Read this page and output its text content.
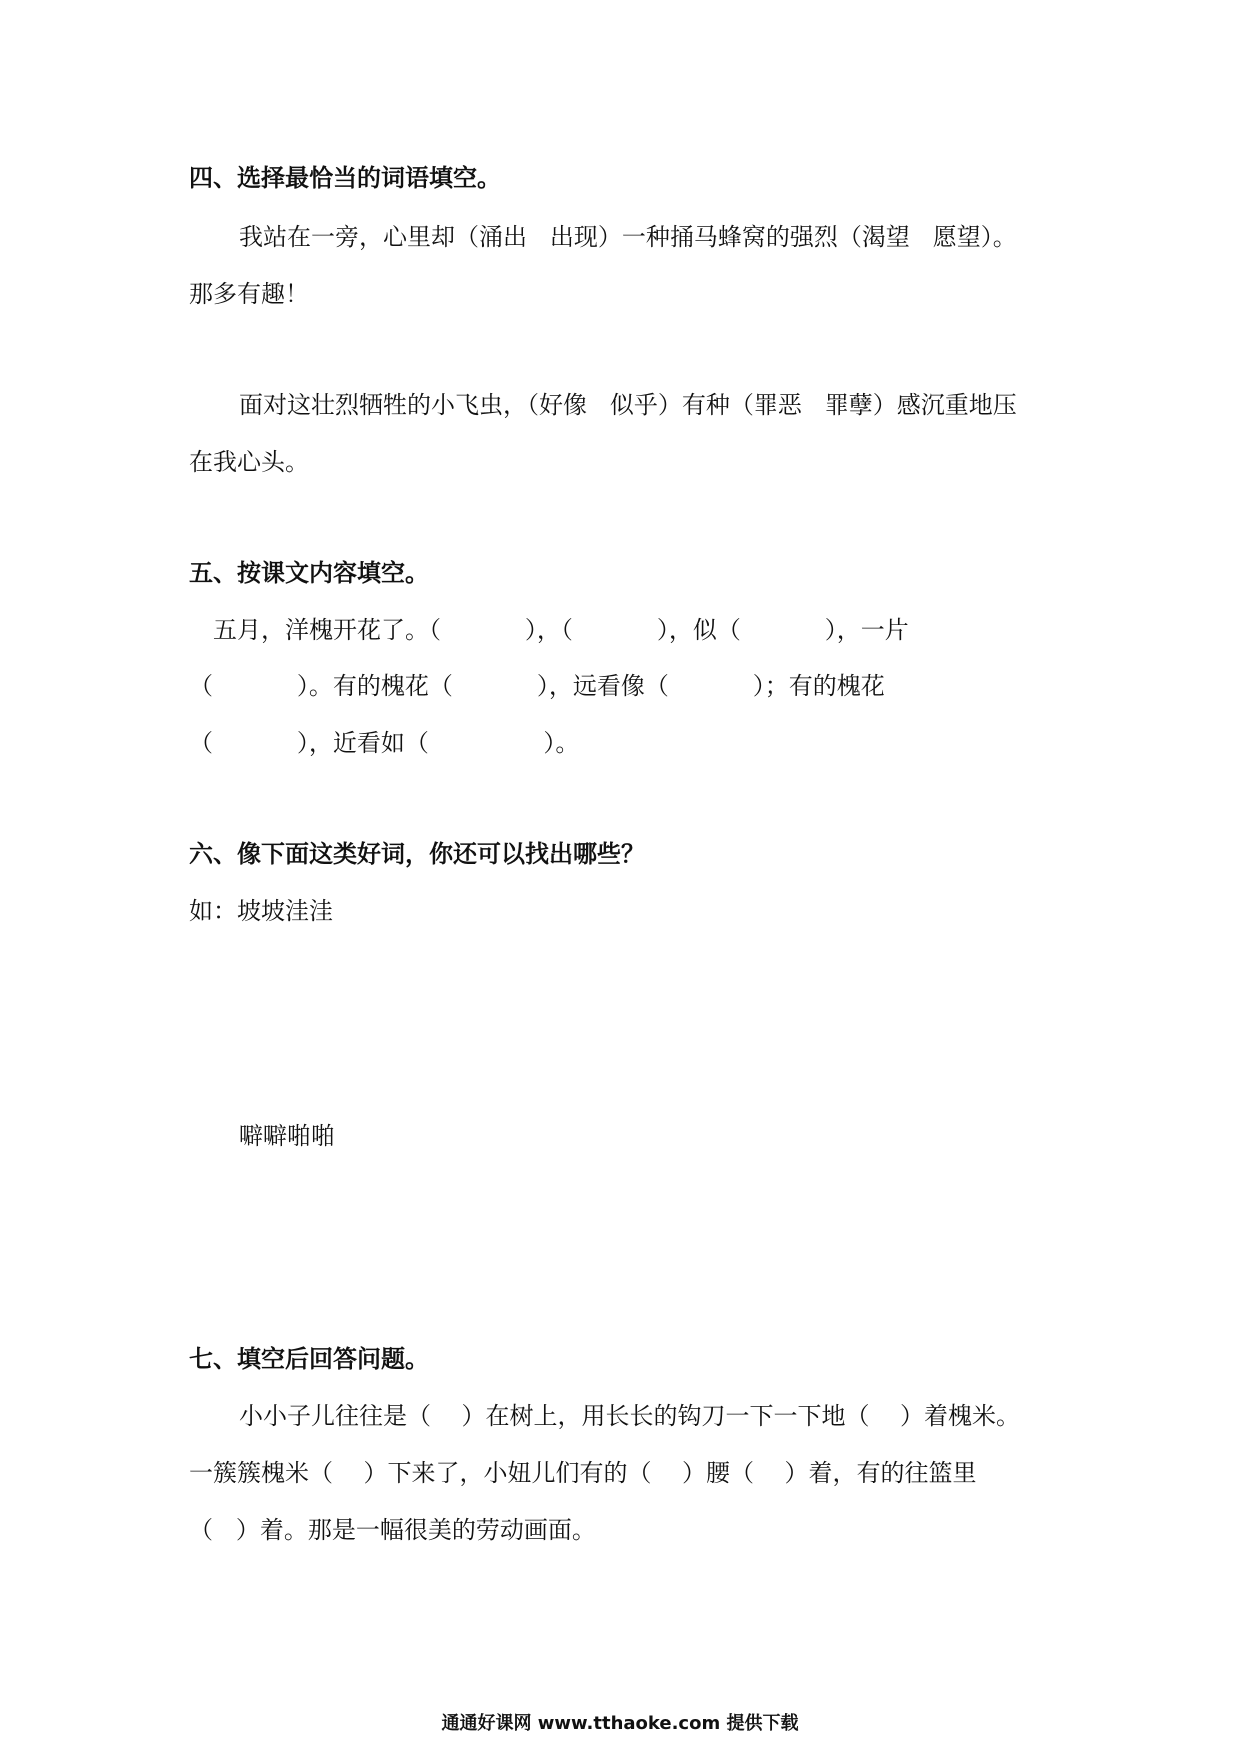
四、选择最恰当的词语填空。
我站在一旁，心里却（涌出   出现）一种捅马蜂窝的强烈（渴望   愿望）。
那多有趣！
面对这壮烈牺牲的小飞虫，（好像   似乎）有种（罪恶   罪孽）感沉重地压
在我心头。
五、按课文内容填空。
五月，洋槐开花了。（           ），（           ），似（           ），一片
（           ）。有的槐花（           ），远看像（           ）；有的槐花
（           ），近看如（               ）。
六、像下面这类好词，你还可以找出哪些？
如：坡坡洼洼
噼噼啪啪
七、填空后回答问题。
小小子儿往往是（    ）在树上，用长长的钩刀一下一下地（    ）着槐米。
一簇簇槐米（    ）下来了，小妞儿们有的（    ）腰（    ）着，有的往篮里
（   ）着。那是一幅很美的劳动画面。
通通好课网 www.tthaoke.com 提供下载
